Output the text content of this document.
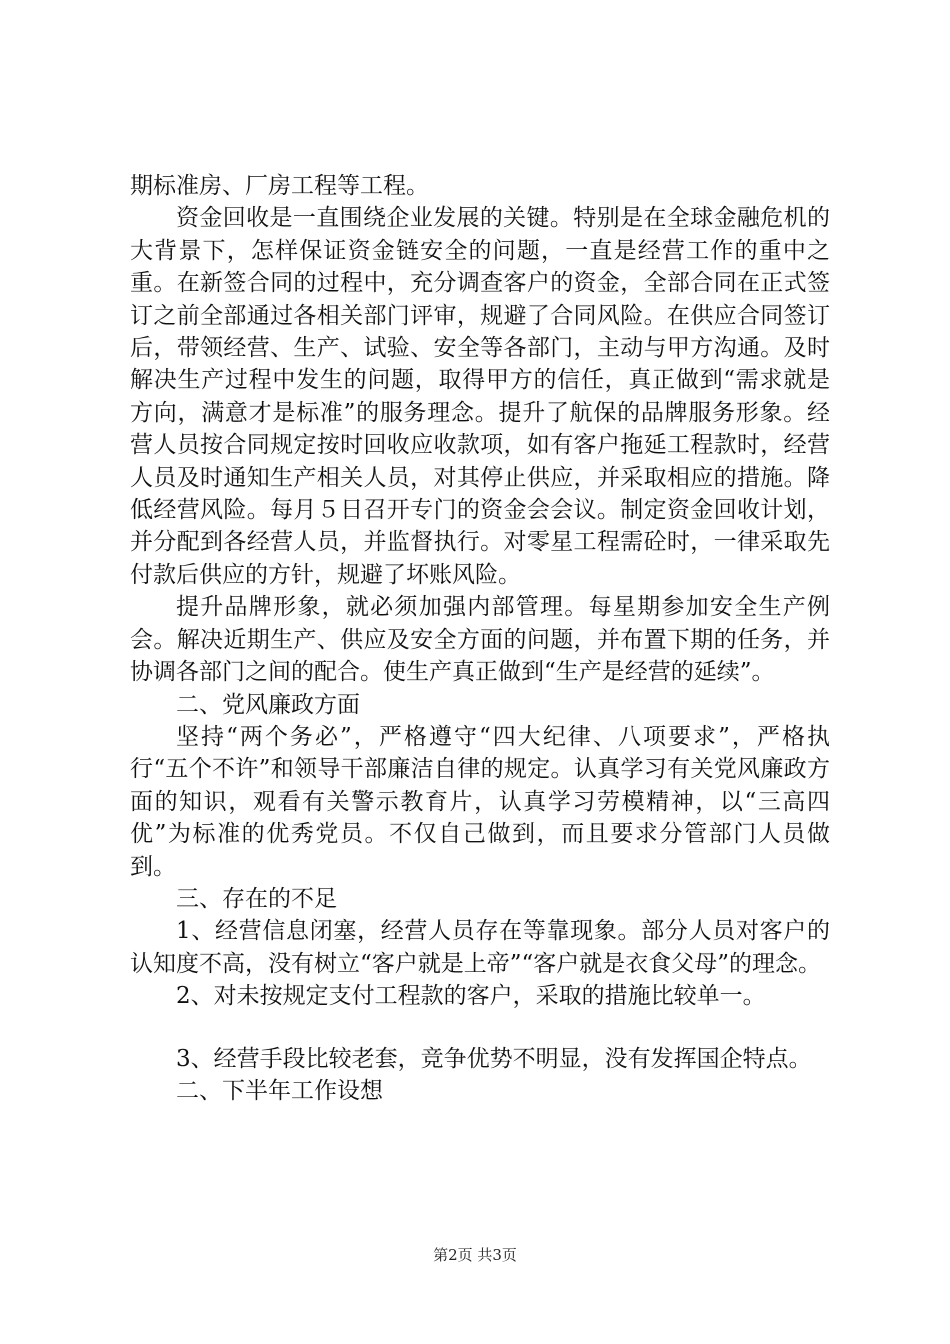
期标准房、厂房工程等工程。

资金回收是一直围绕企业发展的关键。特别是在全球金融危机的大背景下，怎样保证资金链安全的问题，一直是经营工作的重中之重。在新签合同的过程中，充分调查客户的资金，全部合同在正式签订之前全部通过各相关部门评审，规避了合同风险。在供应合同签订后，带领经营、生产、试验、安全等各部门，主动与甲方沟通。及时解决生产过程中发生的问题，取得甲方的信任，真正做到“需求就是方向，满意才是标准”的服务理念。提升了航保的品牌服务形象。经营人员按合同规定按时回收应收款项，如有客户拖延工程款时，经营人员及时通知生产相关人员，对其停止供应，并采取相应的措施。降低经营风险。每月５日召开专门的资金会会议。制定资金回收计划，并分配到各经营人员，并监督执行。对零星工程需砼时，一律采取先付款后供应的方针，规避了坏账风险。

提升品牌形象，就必须加强内部管理。每星期参加安全生产例会。解决近期生产、供应及安全方面的问题，并布置下期的任务，并协调各部门之间的配合。使生产真正做到“生产是经营的延续”。

二、党风廉政方面

坚持“两个务必”，严格遵守“四大纪律、八项要求”，严格执行“五个不许”和领导干部廉洁自律的规定。认真学习有关党风廉政方面的知识，观看有关警示教育片，认真学习劳模精神，以“三高四优”为标准的优秀党员。不仅自己做到，而且要求分管部门人员做到。

三、存在的不足

1、经营信息闭塞，经营人员存在等靠现象。部分人员对客户的认知度不高，没有树立“客户就是上帝”“客户就是衣食父母”的理念。

2、对未按规定支付工程款的客户，采取的措施比较单一。

3、经营手段比较老套，竞争优势不明显，没有发挥国企特点。

二、下半年工作设想

第2页 共3页
